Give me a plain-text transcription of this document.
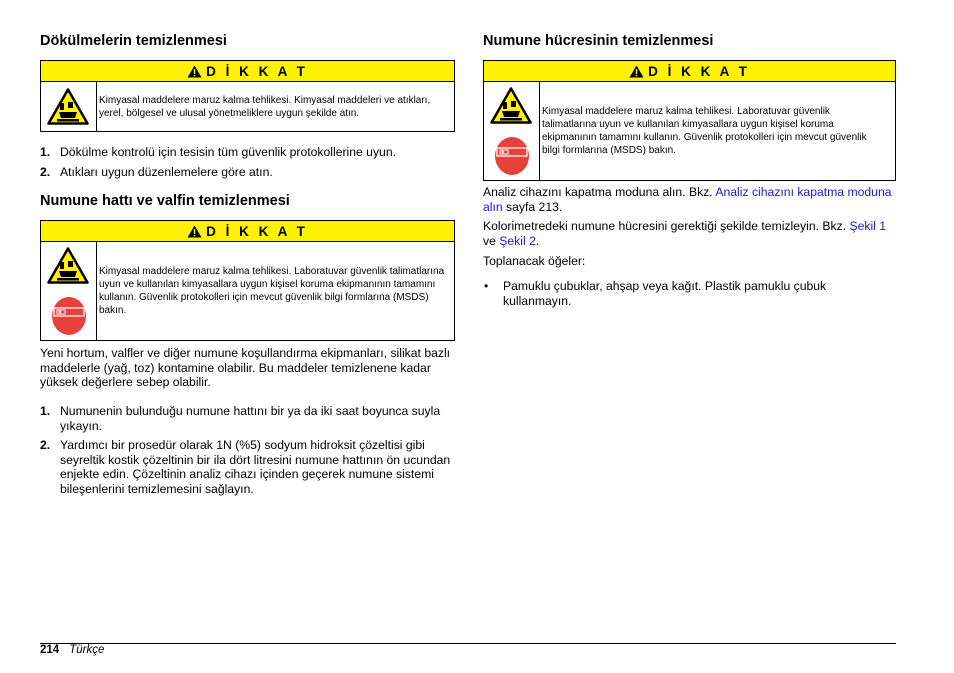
Dökülmelerin temizlenmesi
D İ K K A T
Kimyasal maddelere maruz kalma tehlikesi. Kimyasal maddeleri ve atıkları, yerel, bölgesel ve ulusal yönetmeliklere uygun şekilde atın.
1. Dökülme kontrolü için tesisin tüm güvenlik protokollerine uyun.
2. Atıkları uygun düzenlemelere göre atın.
Numune hattı ve valfin temizlenmesi
D İ K K A T
Kimyasal maddelere maruz kalma tehlikesi. Laboratuvar güvenlik talimatlarına uyun ve kullanılan kimyasallara uygun kişisel koruma ekipmanının tamamını kullanın. Güvenlik protokolleri için mevcut güvenlik bilgi formlarına (MSDS) bakın.

Yeni hortum, valfler ve diğer numune koşullandırma ekipmanları, silikat bazlı maddelerle (yağ, toz) kontamine olabilir. Bu maddeler temizlenene kadar yüksek değerlere sebep olabilir.

1. Numunenin bulunduğu numune hattını bir ya da iki saat boyunca suyla yıkayın.
2. Yardımcı bir prosedür olarak 1N (%5) sodyum hidroksit çözeltisi gibi seyreltik kostik çözeltinin bir ila dört litresini numune hattının ön ucundan enjekte edin. Çözeltinin analiz cihazı içinden geçerek numune sistemi bileşenlerini temizlemesini sağlayın.
Numune hücresinin temizlenmesi
D İ K K A T
Kimyasal maddelere maruz kalma tehlikesi. Laboratuvar güvenlik talimatlarına uyun ve kullanılan kimyasallara uygun kişisel koruma ekipmanının tamamını kullanın. Güvenlik protokolleri için mevcut güvenlik bilgi formlarına (MSDS) bakın.

Analiz cihazını kapatma moduna alın. Bkz. Analiz cihazını kapatma moduna alın sayfa 213.

Kolorimetredeki numune hücresini gerektiği şekilde temizleyin. Bkz. Şekil 1 ve Şekil 2.

Toplanacak öğeler:

• Pamuklu çubuklar, ahşap veya kağıt. Plastik pamuklu çubuk kullanmayın.
214 Türkçe
